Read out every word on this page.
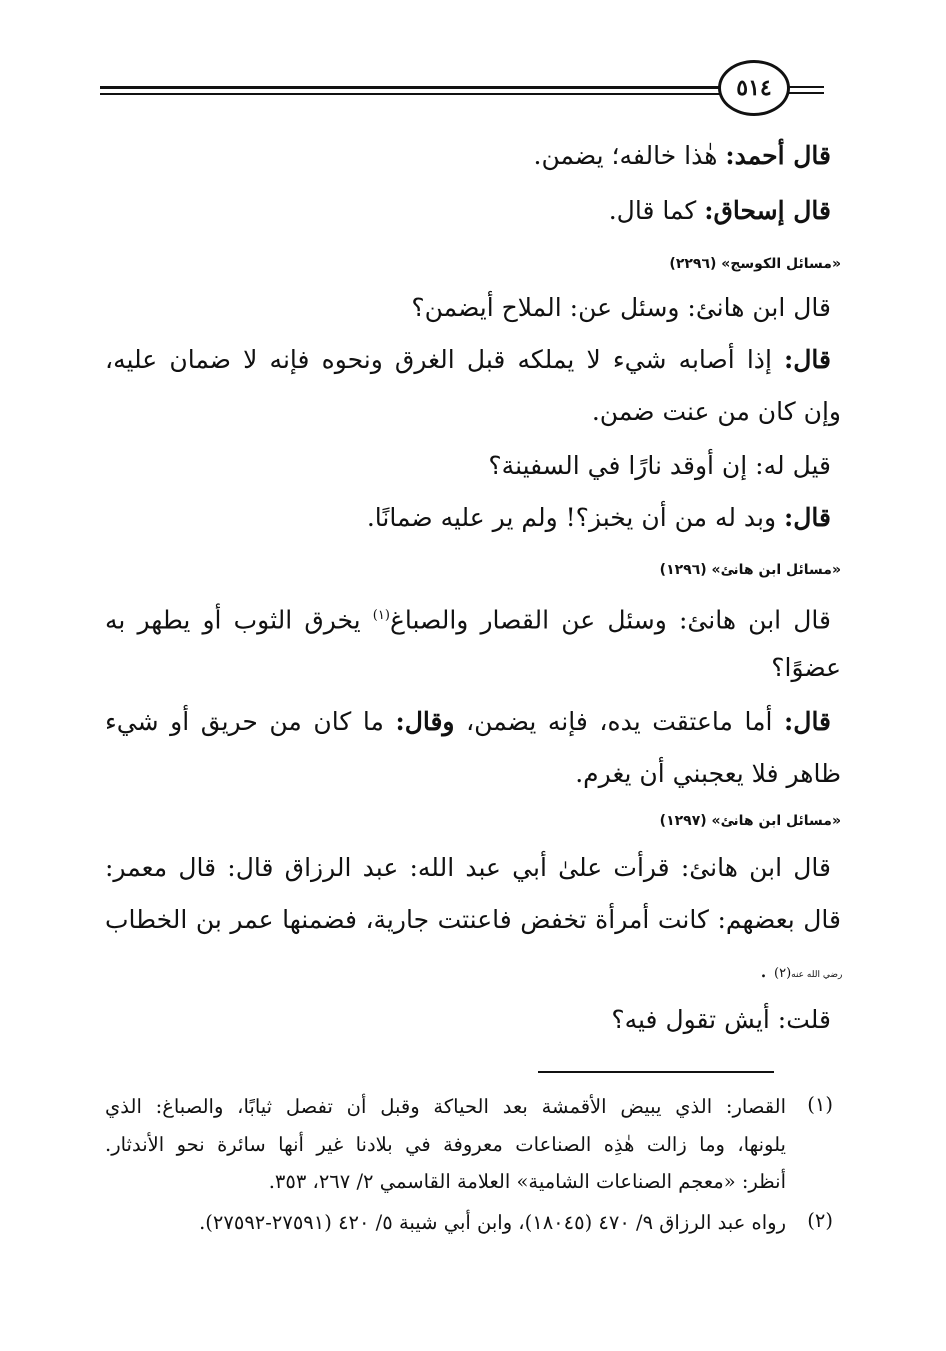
٥١٤
قال أحمد: هٰذا خالفه؛ يضمن.
قال إسحاق: كما قال.
«مسائل الكوسج» (٢٢٩٦)
قال ابن هانئ: وسئل عن: الملاح أيضمن؟
قال: إذا أصابه شيء لا يملكه قبل الغرق ونحوه فإنه لا ضمان عليه،
وإن كان من عنت ضمن.
قيل له: إن أوقد نارًا في السفينة؟
قال: وبد له من أن يخبز؟! ولم ير عليه ضمانًا.
«مسائل ابن هانئ» (١٢٩٦)
قال ابن هانئ: وسئل عن القصار والصباغ$^{(١)}$ يخرق الثوب أو يطهر به
عضوًا؟
قال: أما ماعتقت يده، فإنه يضمن، وقال: ما كان من حريق أو شيء
ظاهر فلا يعجبني أن يغرم.
«مسائل ابن هانئ» (١٢٩٧)
قال ابن هانئ: قرأت علىٰ أبي عبد الله: عبد الرزاق قال: قال معمر:
قال بعضهم: كانت أمرأة تخفض فاعنتت جارية، فضمنها عمر بن الخطاب
رضي الله عنه(٢) .
قلت: أيش تقول فيه؟
(١)
القصار: الذي يبيض الأقمشة بعد الحياكة وقبل أن تفصل ثيابًا، والصباغ: الذي
يلونها، وما زالت هٰذِه الصناعات معروفة في بلادنا غير أنها سائرة نحو الأندثار.
أنظر: «معجم الصناعات الشامية» العلامة القاسمي ٢/ ٢٦٧، ٣٥٣.
(٢)
رواه عبد الرزاق ٩/ ٤٧٠ (١٨٠٤٥)، وابن أبي شيبة ٥/ ٤٢٠ (٢٧٥٩١-٢٧٥٩٢).
